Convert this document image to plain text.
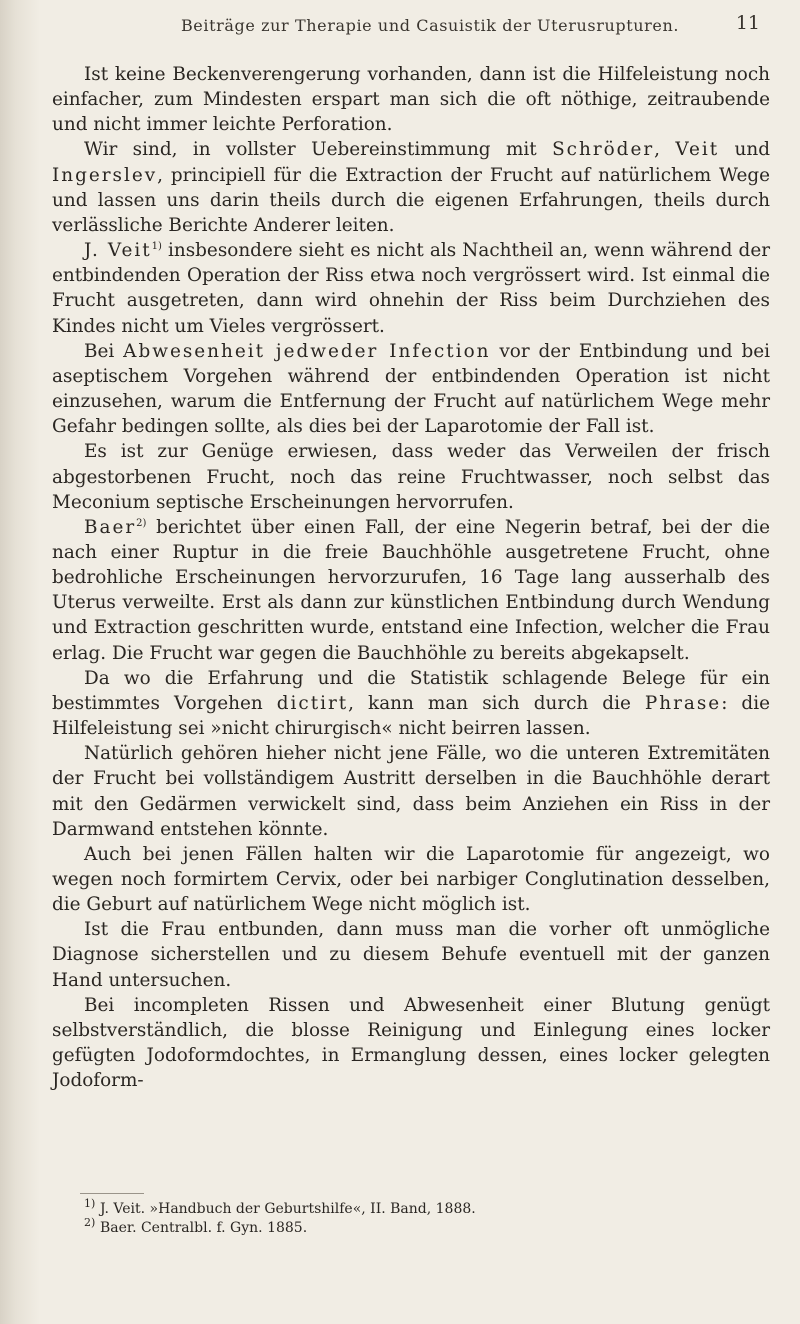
Beiträge zur Therapie und Casuistik der Uterusrupturen.	11

Ist keine Beckenverengerung vorhanden, dann ist die Hilfeleistung noch einfacher, zum Mindesten erspart man sich die oft nöthige, zeitraubende und nicht immer leichte Perforation.

Wir sind, in vollster Uebereinstimmung mit Schröder, Veit und Ingerslev, principiell für die Extraction der Frucht auf natürlichem Wege und lassen uns darin theils durch die eigenen Erfahrungen, theils durch verlässliche Berichte Anderer leiten.

J. Veit$^{1)}$ insbesondere sieht es nicht als Nachtheil an, wenn während der entbindenden Operation der Riss etwa noch vergrössert wird. Ist einmal die Frucht ausgetreten, dann wird ohnehin der Riss beim Durchziehen des Kindes nicht um Vieles vergrössert.

Bei Abwesenheit jedweder Infection vor der Entbindung und bei aseptischem Vorgehen während der entbindenden Operation ist nicht einzusehen, warum die Entfernung der Frucht auf natürlichem Wege mehr Gefahr bedingen sollte, als dies bei der Laparotomie der Fall ist.

Es ist zur Genüge erwiesen, dass weder das Verweilen der frisch abgestorbenen Frucht, noch das reine Fruchtwasser, noch selbst das Meconium septische Erscheinungen hervorrufen.

Baer$^{2)}$ berichtet über einen Fall, der eine Negerin betraf, bei der die nach einer Ruptur in die freie Bauchhöhle ausgetretene Frucht, ohne bedrohliche Erscheinungen hervorzurufen, 16 Tage lang ausserhalb des Uterus verweilte. Erst als dann zur künstlichen Entbindung durch Wendung und Extraction geschritten wurde, entstand eine Infection, welcher die Frau erlag. Die Frucht war gegen die Bauchhöhle zu bereits abgekapselt.

Da wo die Erfahrung und die Statistik schlagende Belege für ein bestimmtes Vorgehen dictirt, kann man sich durch die Phrase: die Hilfeleistung sei »nicht chirurgisch« nicht beirren lassen.

Natürlich gehören hieher nicht jene Fälle, wo die unteren Extremitäten der Frucht bei vollständigem Austritt derselben in die Bauchhöhle derart mit den Gedärmen verwickelt sind, dass beim Anziehen ein Riss in der Darmwand entstehen könnte.

Auch bei jenen Fällen halten wir die Laparotomie für angezeigt, wo wegen noch formirtem Cervix, oder bei narbiger Conglutination desselben, die Geburt auf natürlichem Wege nicht möglich ist.

Ist die Frau entbunden, dann muss man die vorher oft unmögliche Diagnose sicherstellen und zu diesem Behufe eventuell mit der ganzen Hand untersuchen.

Bei incompleten Rissen und Abwesenheit einer Blutung genügt selbstverständlich, die blosse Reinigung und Einlegung eines locker gefügten Jodoformdochtes, in Ermanglung dessen, eines locker gelegten Jodoform-

1) J. Veit. »Handbuch der Geburtshilfe«, II. Band, 1888.

2) Baer. Centralbl. f. Gyn. 1885.
